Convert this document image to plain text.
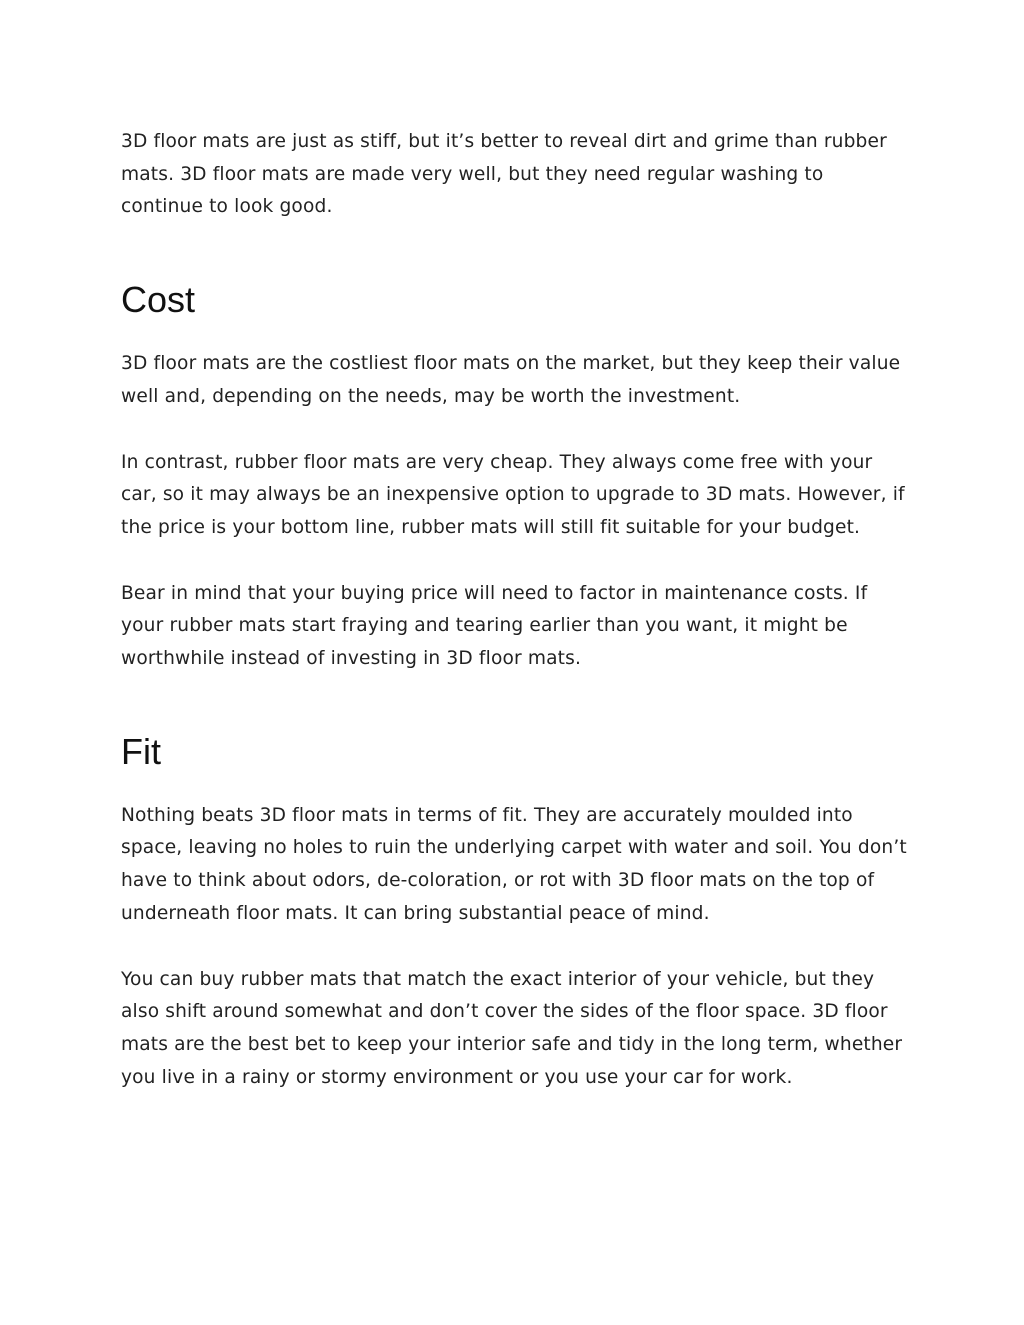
3D floor mats are just as stiff, but it’s better to reveal dirt and grime than rubber mats. 3D floor mats are made very well, but they need regular washing to continue to look good.

Cost

3D floor mats are the costliest floor mats on the market, but they keep their value well and, depending on the needs, may be worth the investment.

In contrast, rubber floor mats are very cheap. They always come free with your car, so it may always be an inexpensive option to upgrade to 3D mats. However, if the price is your bottom line, rubber mats will still fit suitable for your budget.

Bear in mind that your buying price will need to factor in maintenance costs. If your rubber mats start fraying and tearing earlier than you want, it might be worthwhile instead of investing in 3D floor mats.

Fit

Nothing beats 3D floor mats in terms of fit. They are accurately moulded into space, leaving no holes to ruin the underlying carpet with water and soil. You don’t have to think about odors, de-coloration, or rot with 3D floor mats on the top of underneath floor mats. It can bring substantial peace of mind.

You can buy rubber mats that match the exact interior of your vehicle, but they also shift around somewhat and don’t cover the sides of the floor space. 3D floor mats are the best bet to keep your interior safe and tidy in the long term, whether you live in a rainy or stormy environment or you use your car for work.
